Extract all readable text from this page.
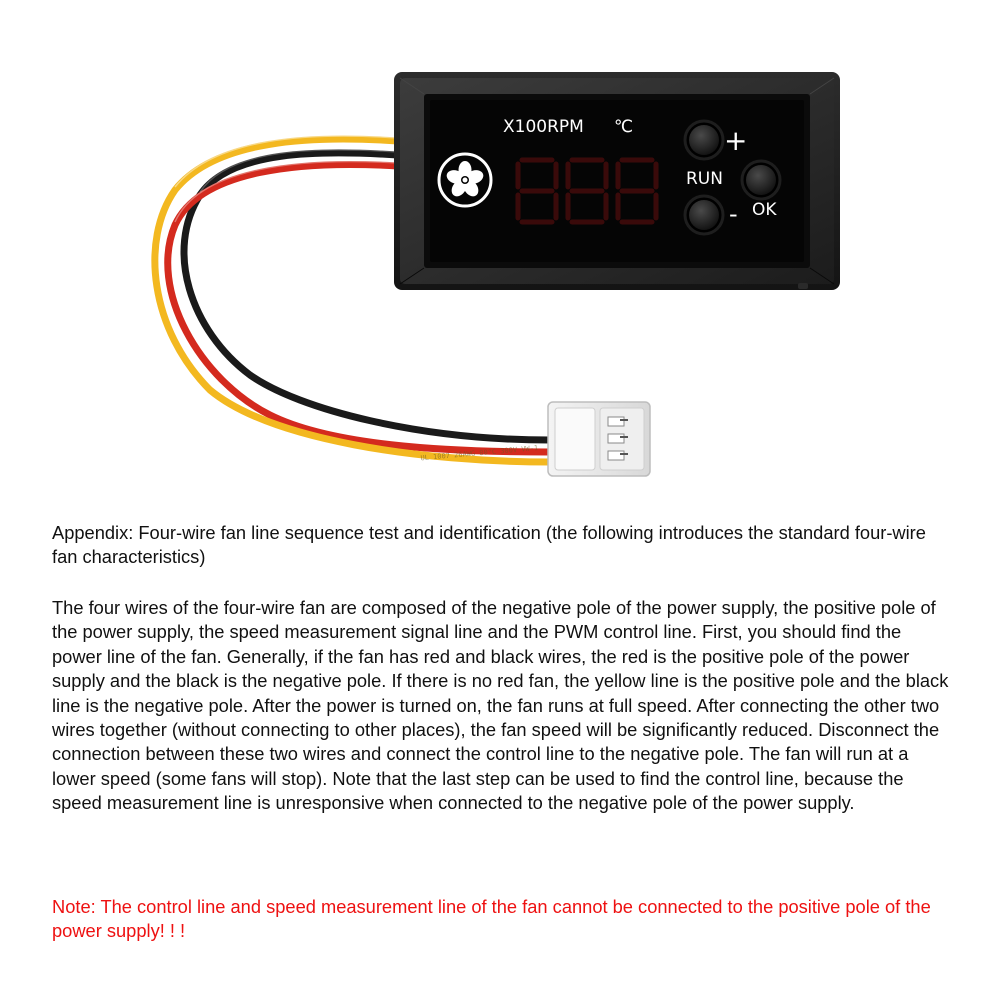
UL 1007 26AWG 80°C 300V VW-1
X100RPM ℃	+
RUN
- OK

Appendix: Four-wire fan line sequence test and identification (the following introduces the standard four-wire fan characteristics)

The four wires of the four-wire fan are composed of the negative pole of the power supply, the positive pole of the power supply, the speed measurement signal line and the PWM control line. First, you should find the power line of the fan. Generally, if the fan has red and black wires, the red is the positive pole of the power supply and the black is the negative pole. If there is no red fan, the yellow line is the positive pole and the black line is the negative pole. After the power is turned on, the fan runs at full speed. After connecting the other two wires together (without connecting to other places), the fan speed will be significantly reduced. Disconnect the connection between these two wires and connect the control line to the negative pole. The fan will run at a lower speed (some fans will stop). Note that the last step can be used to find the control line, because the speed measurement line is unresponsive when connected to the negative pole of the power supply.

Note: The control line and speed measurement line of the fan cannot be connected to the positive pole of the power supply! ! !
